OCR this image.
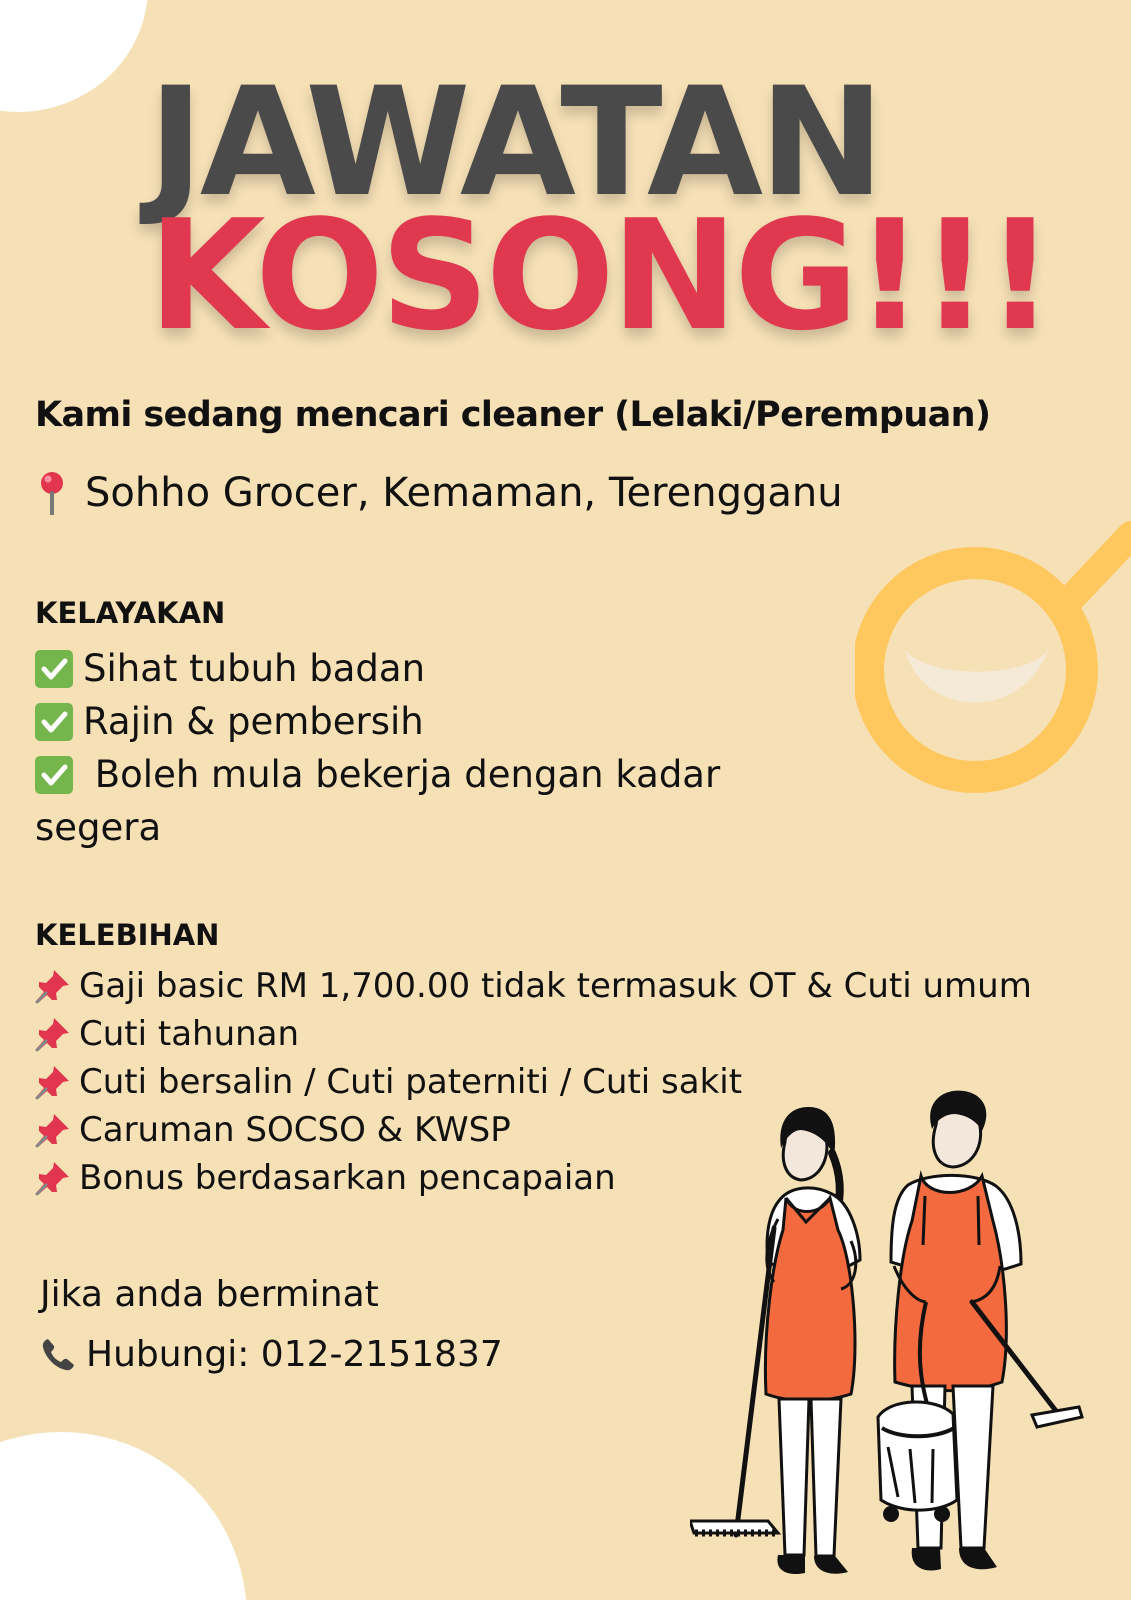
JAWATAN
KOSONG!!!

Kami sedang mencari cleaner (Lelaki/Perempuan)

Sohho Grocer, Kemaman, Terengganu
KELAYAKAN
Sihat tubuh badan
Rajin & pembersih
Boleh mula bekerja dengan kadar segera
KELEBIHAN
Gaji basic RM 1,700.00 tidak termasuk OT & Cuti umum
Cuti tahunan
Cuti bersalin / Cuti paterniti / Cuti sakit
Caruman SOCSO & KWSP
Bonus berdasarkan pencapaian
Jika anda berminat
Hubungi: 012-2151837
